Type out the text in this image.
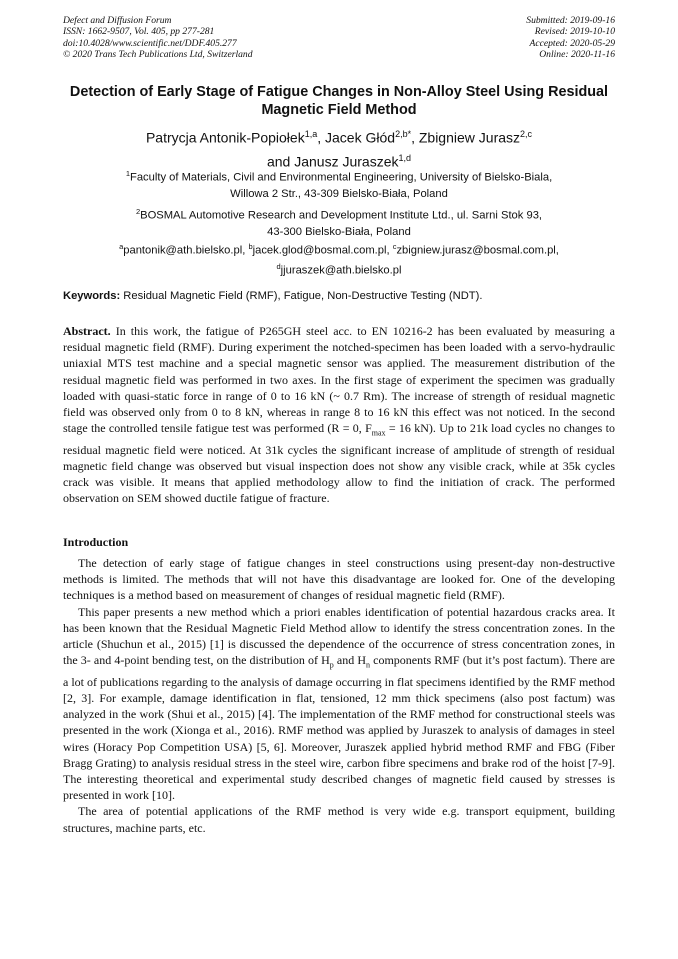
Defect and Diffusion Forum
ISSN: 1662-9507, Vol. 405, pp 277-281
doi:10.4028/www.scientific.net/DDF.405.277
© 2020 Trans Tech Publications Ltd, Switzerland
Submitted: 2019-09-16
Revised: 2019-10-10
Accepted: 2020-05-29
Online: 2020-11-16
Detection of Early Stage of Fatigue Changes in Non-Alloy Steel Using Residual Magnetic Field Method
Patrycja Antonik-Popiołek$^{1,a}$, Jacek Głód$^{2,b*}$, Zbigniew Jurasz$^{2,c}$
and Janusz Juraszek$^{1,d}$
$^1$Faculty of Materials, Civil and Environmental Engineering, University of Bielsko-Biala,
Willowa 2 Str., 43-309 Bielsko-Biała, Poland
$^2$BOSMAL Automotive Research and Development Institute Ltd., ul. Sarni Stok 93,
43-300 Bielsko-Biała, Poland
$^a$pantonik@ath.bielsko.pl, $^b$jacek.glod@bosmal.com.pl, $^c$zbigniew.jurasz@bosmal.com.pl,
$^d$jjuraszek@ath.bielsko.pl
Keywords: Residual Magnetic Field (RMF), Fatigue, Non-Destructive Testing (NDT).

Abstract. In this work, the fatigue of P265GH steel acc. to EN 10216-2 has been evaluated by measuring a residual magnetic field (RMF). During experiment the notched-specimen has been loaded with a servo-hydraulic uniaxial MTS test machine and a special magnetic sensor was applied. The measurement distribution of the residual magnetic field was performed in two axes. In the first stage of experiment the specimen was gradually loaded with quasi-static force in range of 0 to 16 kN (~ 0.7 Rm). The increase of strength of residual magnetic field was observed only from 0 to 8 kN, whereas in range 8 to 16 kN this effect was not noticed. In the second stage the controlled tensile fatigue test was performed (R = 0, $F_{max} = 16$ kN). Up to 21k load cycles no changes to residual magnetic field were noticed. At 31k cycles the significant increase of amplitude of strength of residual magnetic field change was observed but visual inspection does not show any visible crack, while at 35k cycles crack was visible. It means that applied methodology allow to find the initiation of crack. The performed observation on SEM showed ductile fatigue of fracture.

Introduction

The detection of early stage of fatigue changes in steel constructions using present-day non-destructive methods is limited. The methods that will not have this disadvantage are looked for. One of the developing techniques is a method based on measurement of changes of residual magnetic field (RMF).

This paper presents a new method which a priori enables identification of potential hazardous cracks area. It has been known that the Residual Magnetic Field Method allow to identify the stress concentration zones. In the article (Shuchun et al., 2015) [1] is discussed the dependence of the occurrence of stress concentration zones, in the 3- and 4-point bending test, on the distribution of $H_p$ and $H_n$ components RMF (but it’s post factum). There are a lot of publications regarding to the analysis of damage occurring in flat specimens identified by the RMF method [2, 3]. For example, damage identification in flat, tensioned, 12 mm thick specimens (also post factum) was analyzed in the work (Shui et al., 2015) [4]. The implementation of the RMF method for constructional steels was presented in the work (Xionga et al., 2016). RMF method was applied by Juraszek to analysis of damages in steel wires (Horacy Pop Competition USA) [5, 6]. Moreover, Juraszek applied hybrid method RMF and FBG (Fiber Bragg Grating) to analysis residual stress in the steel wire, carbon fibre specimens and brake rod of the hoist [7-9]. The interesting theoretical and experimental study described changes of magnetic field caused by stresses is presented in work [10].

The area of potential applications of the RMF method is very wide e.g. transport equipment, building structures, machine parts, etc.
